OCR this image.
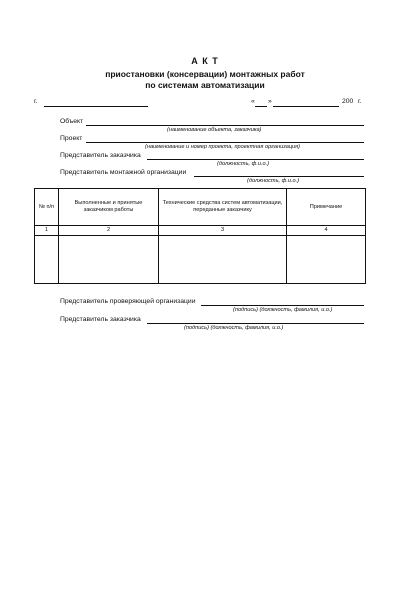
А К Т
приостановки (консервации) монтажных работ
по системам автоматизации
г.	« »	200 г.
Объект
(наименование объекта, заказчика)
Проект
(наименование и номер проекта, проектная организация)
Представитель заказчика
(должность, ф.и.о.)
Представитель монтажной организации
(должность, ф.и.о.)
№ п/п	Выполненные и принятые заказчиком работы	Технические средства систем автоматизации, переданные заказчику	Примечание
1	2	3	4

Представитель проверяющей организации
(подпись) (должность, фамилия, и.о.)
Представитель заказчика
(подпись) (должность, фамилия, и.о.)
